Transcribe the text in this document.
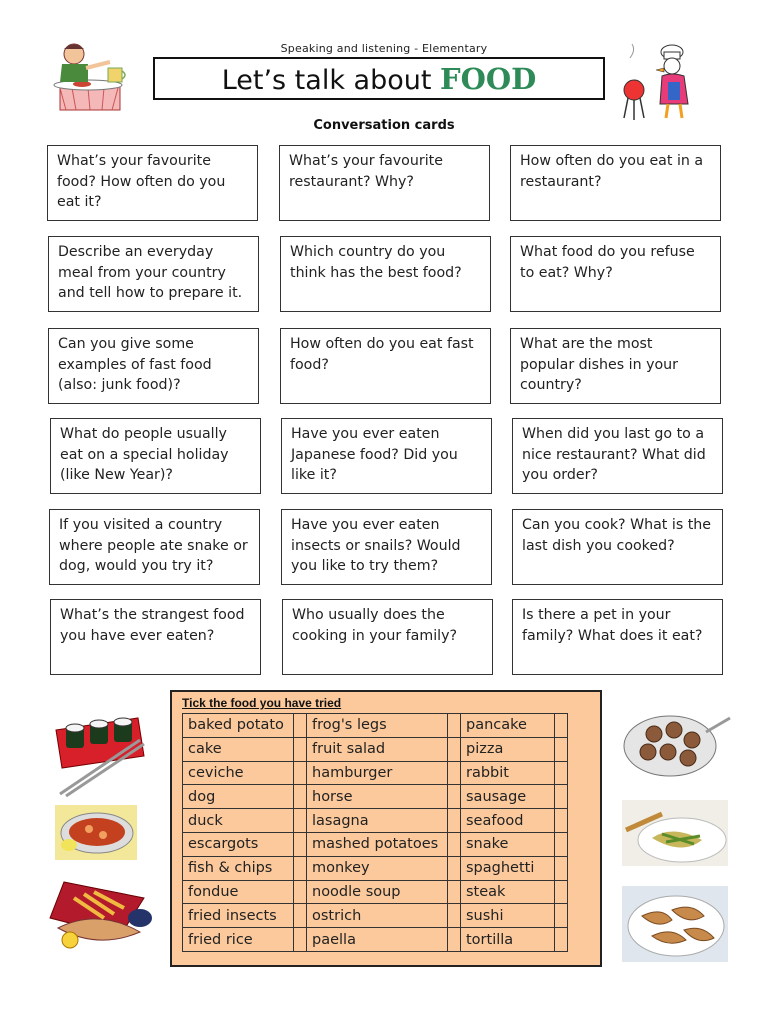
Speaking and listening - Elementary
Let’s talk about FOOD
Conversation cards
What’s your favourite food? How often do you eat it?
What’s your favourite restaurant? Why?
How often do you eat in a restaurant?
Describe an everyday meal from your country and tell how to prepare it.
Which country do you think has the best food?
What food do you refuse to eat? Why?
Can you give some examples of fast food (also: junk food)?
How often do you eat fast food?
What are the most popular dishes in your country?
What do people usually eat on a special holiday (like New Year)?
Have you ever eaten Japanese food? Did you like it?
When did you last go to a nice restaurant? What did you order?
If you visited a country where people ate snake or dog, would you try it?
Have you ever eaten insects or snails? Would you like to try them?
Can you cook? What is the last dish you cooked?
What’s the strangest food you have ever eaten?
Who usually does the cooking in your family?
Is there a pet in your family? What does it eat?
Tick the food you have tried
baked potato		frog's legs		pancake	
cake		fruit salad		pizza	
ceviche		hamburger		rabbit	
dog		horse		sausage	
duck		lasagna		seafood	
escargots		mashed potatoes		snake	
fish & chips		monkey		spaghetti	
fondue		noodle soup		steak	
fried insects		ostrich		sushi	
fried rice		paella		tortilla	
